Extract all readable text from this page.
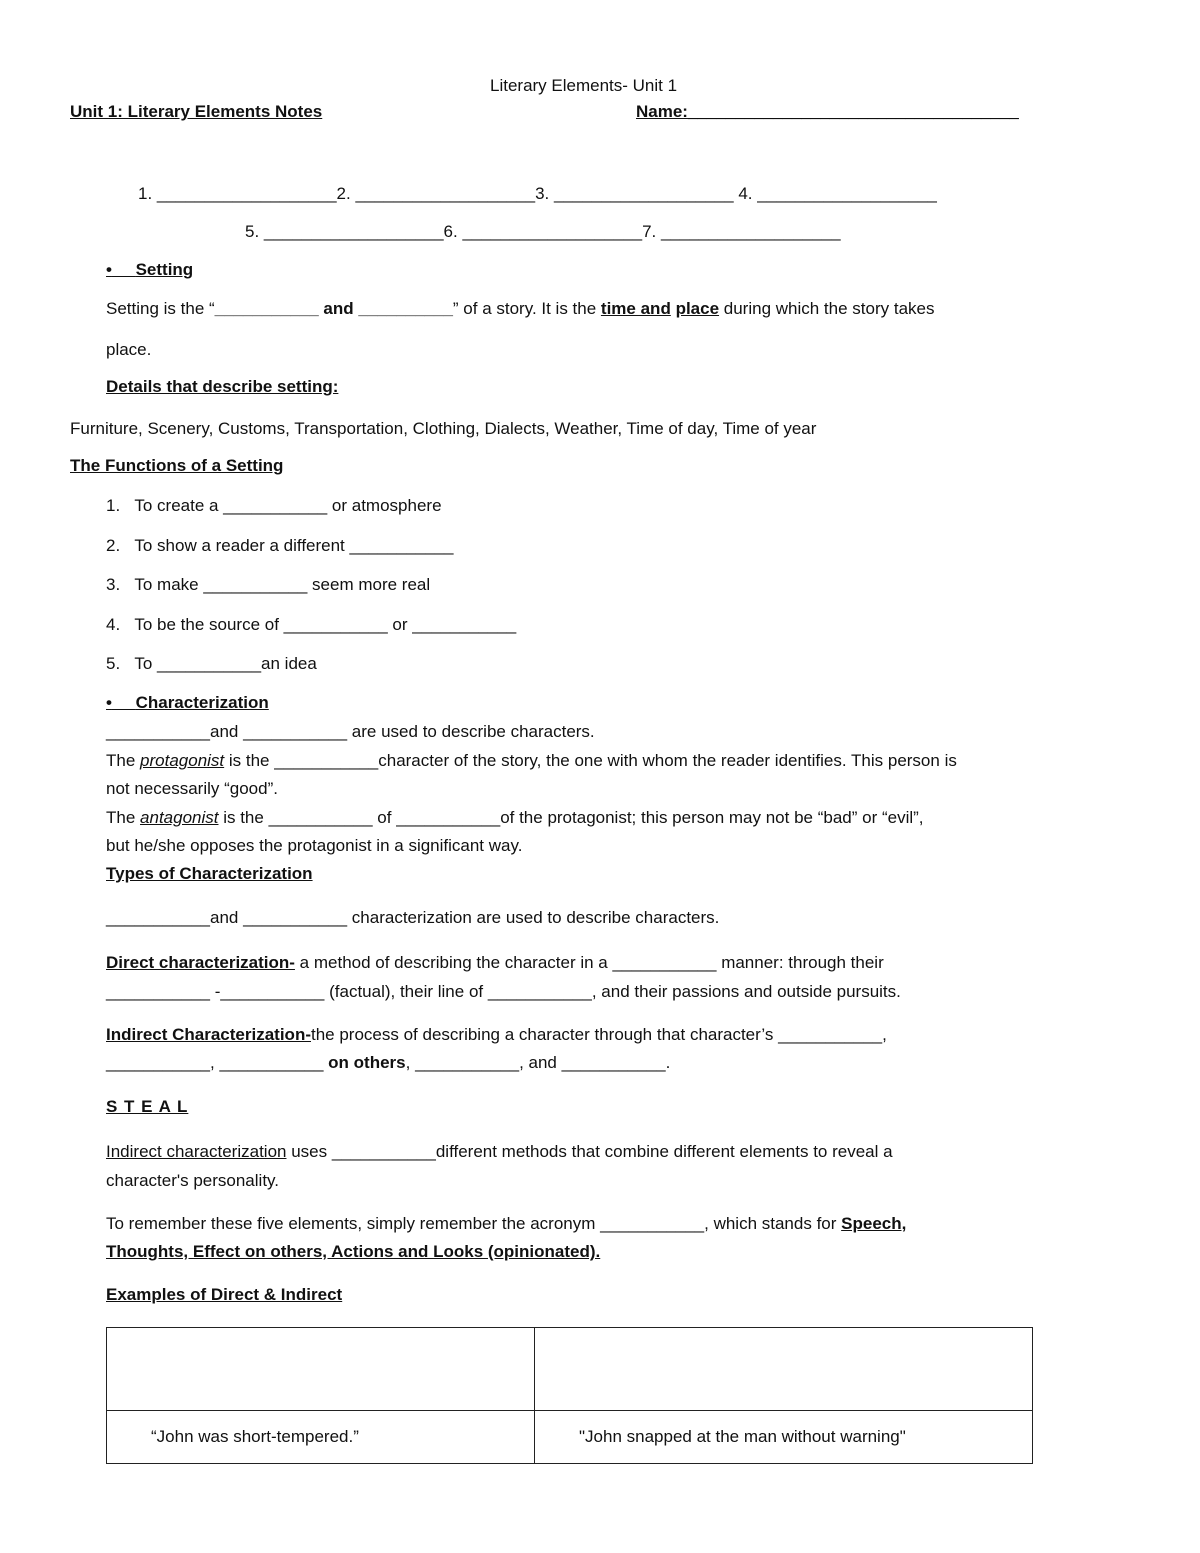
Literary Elements- Unit 1
Unit 1: Literary Elements Notes	Name:___________________________________
1. ___________________2. ___________________3. ___________________ 4. ___________________
5. ___________________6. ___________________7. ___________________
• Setting
Setting is the “___________ and __________” of a story. It is the time and place during which the story takes
place.
Details that describe setting:
Furniture, Scenery, Customs, Transportation, Clothing, Dialects, Weather, Time of day, Time of year
The Functions of a Setting
1. To create a ___________ or atmosphere
2. To show a reader a different ___________
3. To make ___________ seem more real
4. To be the source of ___________ or ___________
5. To ___________an idea
• Characterization
___________and ___________ are used to describe characters.
The protagonist is the ___________character of the story, the one with whom the reader identifies. This person is
not necessarily “good”.
The antagonist is the ___________ of ___________of the protagonist; this person may not be “bad” or “evil”,
but he/she opposes the protagonist in a significant way.
Types of Characterization
___________and ___________ characterization are used to describe characters.
Direct characterization- a method of describing the character in a ___________ manner: through their
___________ -___________ (factual), their line of ___________, and their passions and outside pursuits.
Indirect Characterization-the process of describing a character through that character’s ___________,
___________, ___________ on others, ___________, and ___________.
S T E A L
Indirect characterization uses ___________different methods that combine different elements to reveal a
character's personality.
To remember these five elements, simply remember the acronym ___________, which stands for Speech,
Thoughts, Effect on others, Actions and Looks (opinionated).
Examples of Direct & Indirect

“John was short-tempered.”	"John snapped at the man without warning"
